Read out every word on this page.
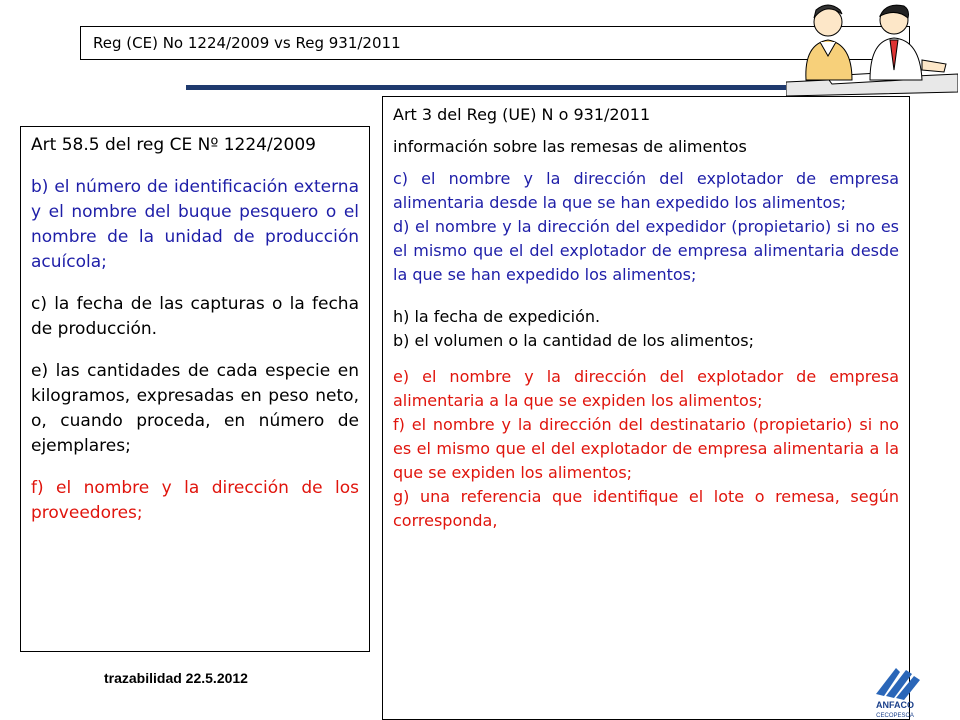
Reg (CE) No 1224/2009 vs Reg 931/2011

Art 58.5 del reg CE Nº 1224/2009

b) el número de identificación externa y el nombre del buque pesquero o el nombre de la unidad de producción acuícola;

c) la fecha de las capturas o la fecha de producción.

e) las cantidades de cada especie en kilogramos, expresadas en peso neto, o, cuando proceda, en número de ejemplares;

f) el nombre y la dirección de los proveedores;

Art 3 del Reg (UE) N o 931/2011

información sobre las remesas de alimentos

c) el nombre y la dirección del explotador de empresa alimentaria desde la que se han expedido los alimentos;

d) el nombre y la dirección del expedidor (propietario) si no es el mismo que el del explotador de empresa alimentaria desde la que se han expedido los alimentos;

h) la fecha de expedición.

b) el volumen o la cantidad de los alimentos;

e) el nombre y la dirección del explotador de empresa alimentaria a la que se expiden los alimentos;

f) el nombre y la dirección del destinatario (propietario) si no es el mismo que el del explotador de empresa alimentaria a la que se expiden los alimentos;

g) una referencia que identifique el lote o remesa, según corresponda,

trazabilidad 22.5.2012
ANFACO
CECOPESCA
